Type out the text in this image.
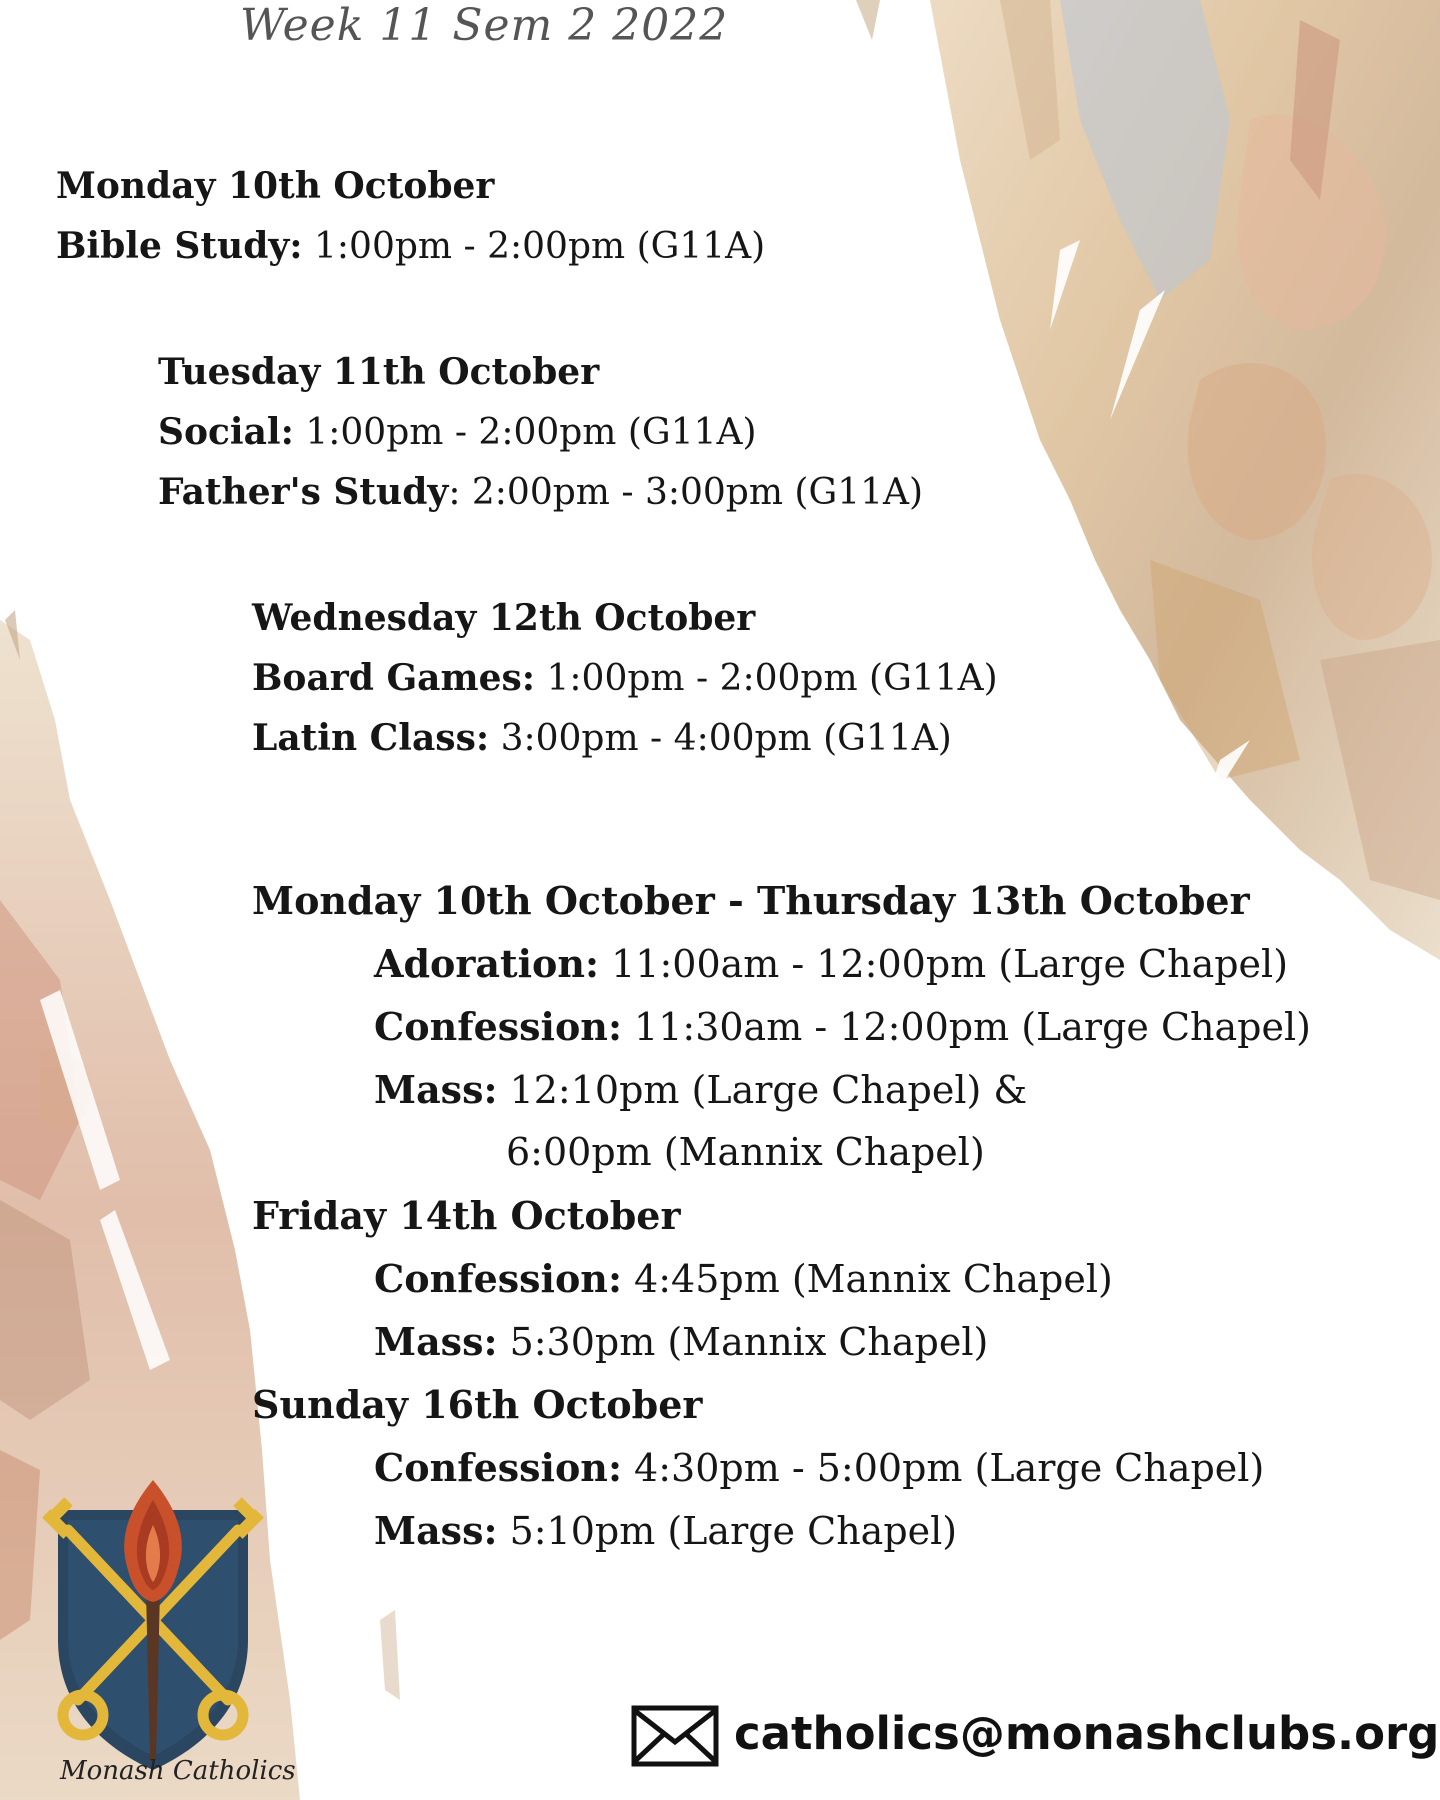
Week 11 Sem 2 2022
Monday 10th October
Bible Study: 1:00pm - 2:00pm (G11A)
Tuesday 11th October
Social: 1:00pm - 2:00pm (G11A)
Father's Study: 2:00pm - 3:00pm (G11A)
Wednesday 12th October
Board Games: 1:00pm - 2:00pm (G11A)
Latin Class: 3:00pm - 4:00pm (G11A)
Monday 10th October - Thursday 13th October
Adoration: 11:00am - 12:00pm (Large Chapel)
Confession: 11:30am - 12:00pm (Large Chapel)
Mass: 12:10pm (Large Chapel) &
6:00pm (Mannix Chapel)
Friday 14th October
Confession: 4:45pm (Mannix Chapel)
Mass: 5:30pm (Mannix Chapel)
Sunday 16th October
Confession: 4:30pm - 5:00pm (Large Chapel)
Mass: 5:10pm (Large Chapel)
Monash Catholics
catholics@monashclubs.org
